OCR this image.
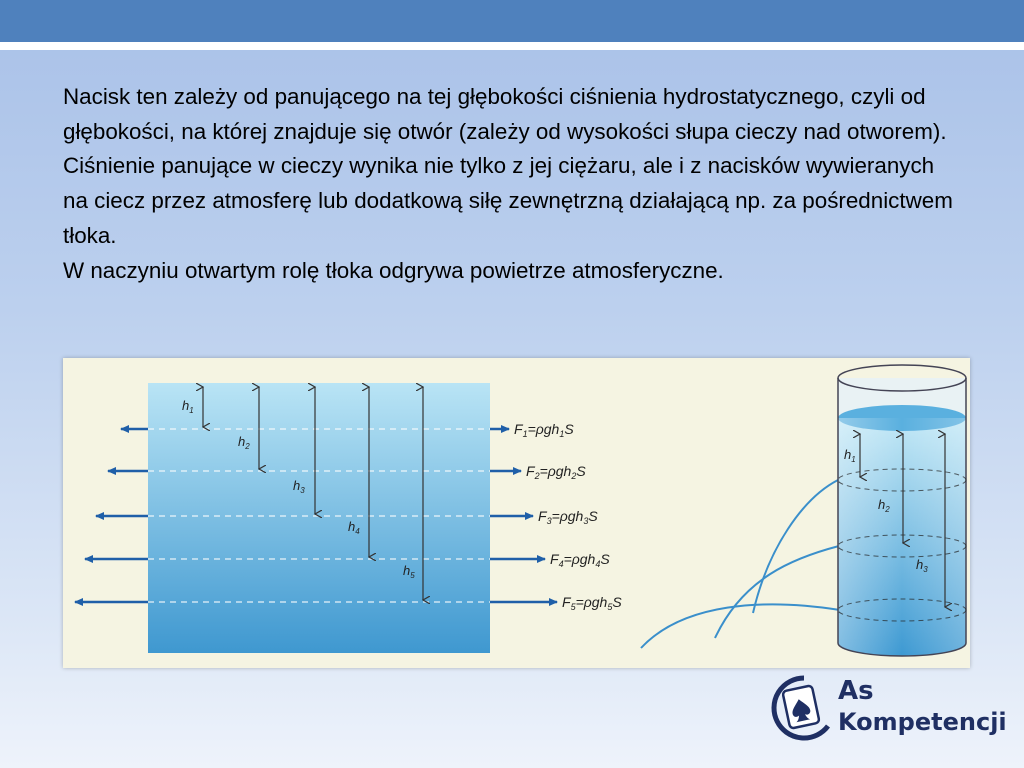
Nacisk ten zależy od panującego na tej głębokości ciśnienia hydrostatycznego, czyli od głębokości, na której znajduje się otwór (zależy od wysokości słupa cieczy nad otworem).

Ciśnienie panujące w cieczy wynika nie tylko z jej ciężaru, ale i z nacisków wywieranych na ciecz przez atmosferę lub dodatkową siłę zewnętrzną działającą np. za pośrednictwem tłoka.

W naczyniu otwartym rolę tłoka odgrywa powietrze atmosferyczne.

$h_1$
$h_2$
$h_3$
$h_4$
$h_5$
$F_1=\rho gh_1S$
$F_2=\rho gh_2S$
$F_3=\rho gh_3S$
$F_4=\rho gh_4S$
$F_5=\rho gh_5S$
$h_1$
$h_2$
$h_3$
As
Kompetencji
